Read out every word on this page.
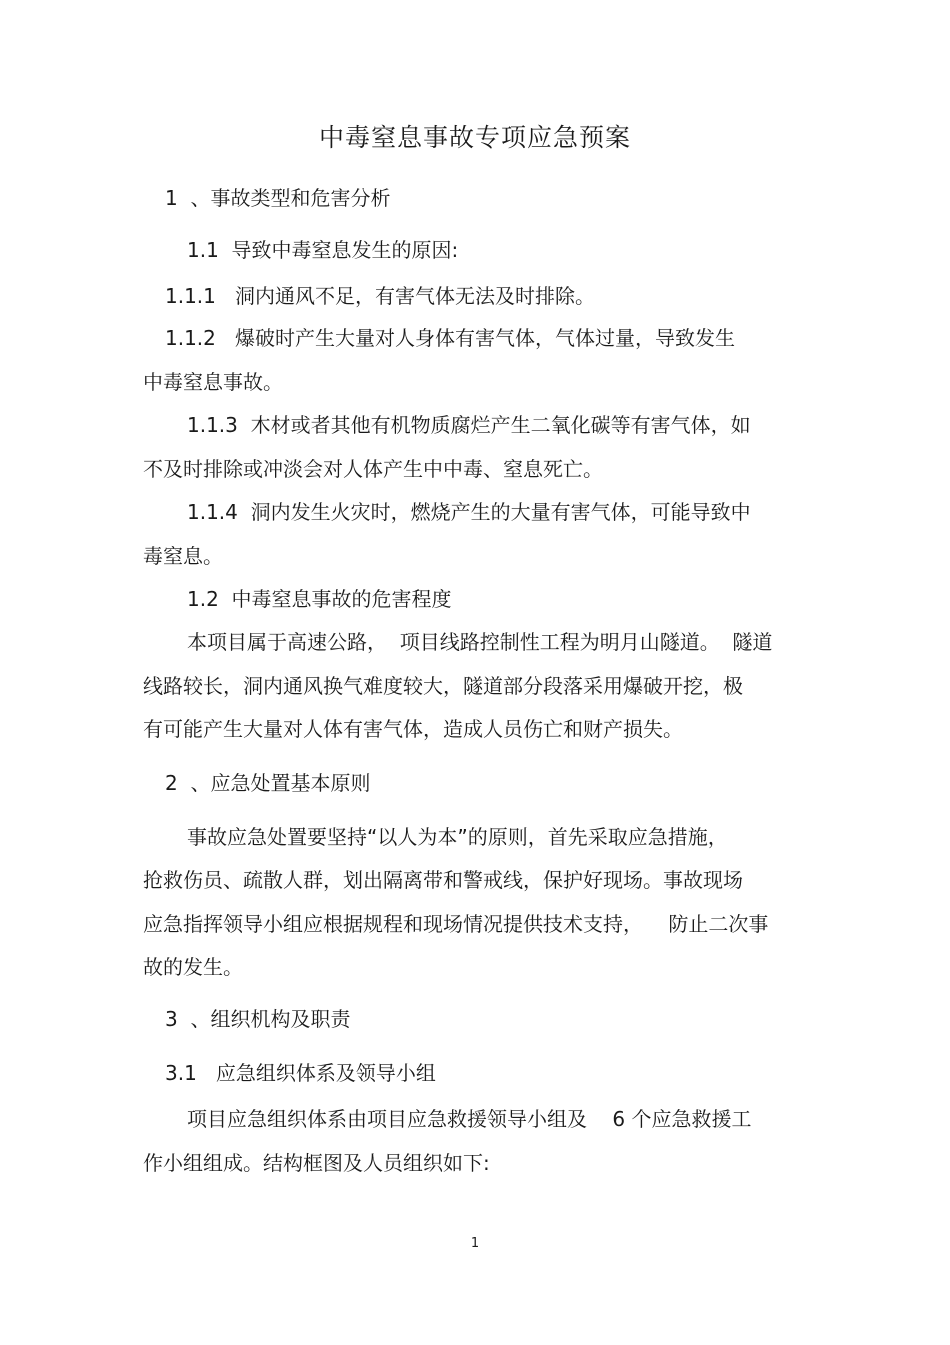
中毒窒息事故专项应急预案
1  、事故类型和危害分析
1.1  导致中毒窒息发生的原因:
1.1.1   洞内通风不足，有害气体无法及时排除。
1.1.2   爆破时产生大量对人身体有害气体，气体过量，导致发生
中毒窒息事故。
1.1.3  木材或者其他有机物质腐烂产生二氧化碳等有害气体，如
不及时排除或冲淡会对人体产生中中毒、窒息死亡。
1.1.4  洞内发生火灾时，燃烧产生的大量有害气体，可能导致中
毒窒息。
1.2  中毒窒息事故的危害程度
本项目属于高速公路，  项目线路控制性工程为明月山隧道。  隧道
线路较长，洞内通风换气难度较大，隧道部分段落采用爆破开挖，极
有可能产生大量对人体有害气体，造成人员伤亡和财产损失。
2  、应急处置基本原则
事故应急处置要坚持“以人为本”的原则，首先采取应急措施，
抢救伤员、疏散人群，划出隔离带和警戒线，保护好现场。事故现场
应急指挥领导小组应根据规程和现场情况提供技术支持，    防止二次事
故的发生。
3  、组织机构及职责
3.1   应急组织体系及领导小组
项目应急组织体系由项目应急救援领导小组及    6 个应急救援工
作小组组成。结构框图及人员组织如下:
1
